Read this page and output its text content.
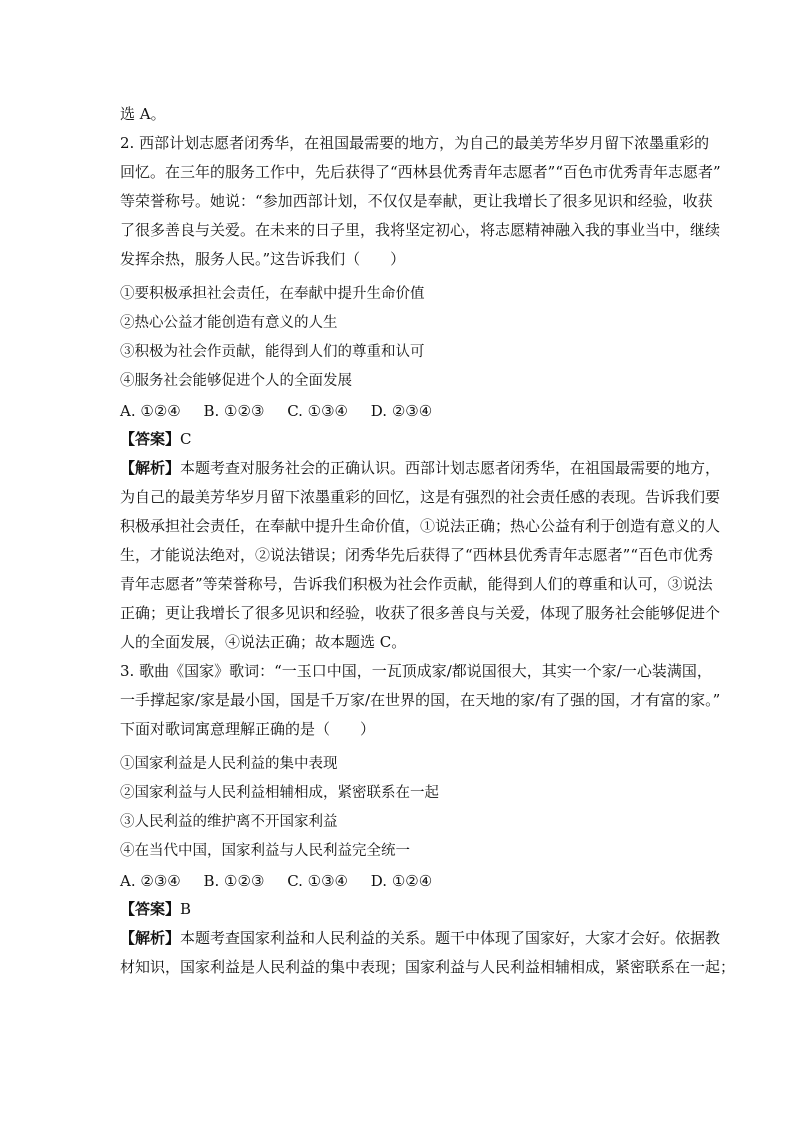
选 A。

2. 西部计划志愿者闭秀华，在祖国最需要的地方，为自己的最美芳华岁月留下浓墨重彩的

回忆。在三年的服务工作中，先后获得了“西林县优秀青年志愿者”“百色市优秀青年志愿者”

等荣誉称号。她说：“参加西部计划，不仅仅是奉献，更让我增长了很多见识和经验，收获

了很多善良与关爱。在未来的日子里，我将坚定初心，将志愿精神融入我的事业当中，继续

发挥余热，服务人民。”这告诉我们（　　）

①要积极承担社会责任，在奉献中提升生命价值

②热心公益才能创造有意义的人生

③积极为社会作贡献，能得到人们的尊重和认可

④服务社会能够促进个人的全面发展

A. ①②④ B. ①②③ C. ①③④ D. ②③④

【答案】C

【解析】本题考查对服务社会的正确认识。西部计划志愿者闭秀华，在祖国最需要的地方，

为自己的最美芳华岁月留下浓墨重彩的回忆，这是有强烈的社会责任感的表现。告诉我们要

积极承担社会责任，在奉献中提升生命价值，①说法正确；热心公益有利于创造有意义的人

生，才能说法绝对，②说法错误；闭秀华先后获得了“西林县优秀青年志愿者”“百色市优秀

青年志愿者”等荣誉称号，告诉我们积极为社会作贡献，能得到人们的尊重和认可，③说法

正确；更让我增长了很多见识和经验，收获了很多善良与关爱，体现了服务社会能够促进个

人的全面发展，④说法正确；故本题选 C。

3. 歌曲《国家》歌词：“一玉口中国，一瓦顶成家/都说国很大，其实一个家/一心装满国，

一手撑起家/家是最小国，国是千万家/在世界的国，在天地的家/有了强的国，才有富的家。”

下面对歌词寓意理解正确的是（　　）

①国家利益是人民利益的集中表现

②国家利益与人民利益相辅相成，紧密联系在一起

③人民利益的维护离不开国家利益

④在当代中国，国家利益与人民利益完全统一

A. ②③④ B. ①②③ C. ①③④ D. ①②④

【答案】B

【解析】本题考查国家利益和人民利益的关系。题干中体现了国家好，大家才会好。依据教

材知识，国家利益是人民利益的集中表现；国家利益与人民利益相辅相成，紧密联系在一起；
